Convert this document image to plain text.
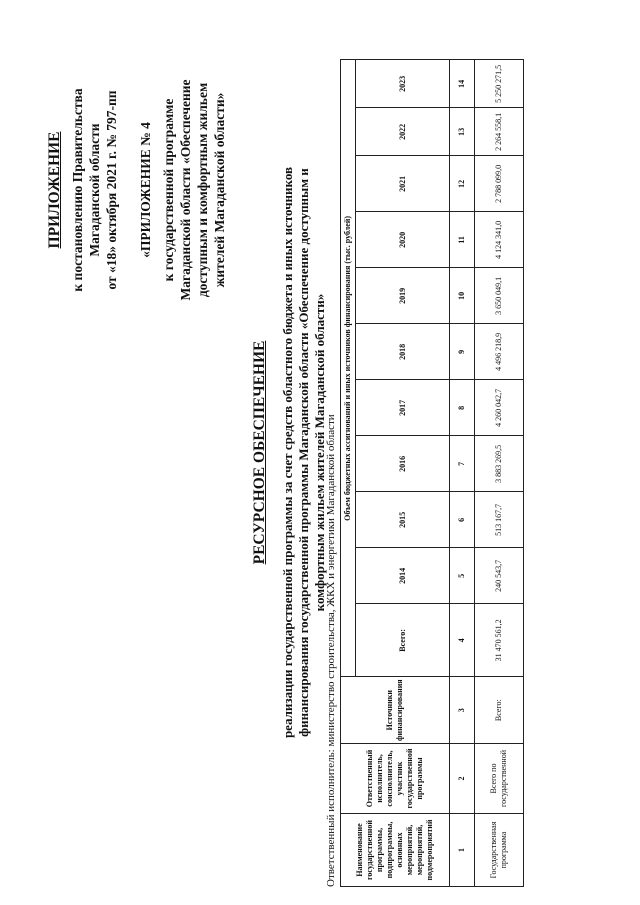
ПРИЛОЖЕНИЕ к постановлению Правительства Магаданской области от «18» октября 2021 г. № 797-пп «ПРИЛОЖЕНИЕ № 4 к государственной программе Магаданской области «Обеспечение доступным и комфортным жильем жителей Магаданской области»
РЕСУРСНОЕ ОБЕСПЕЧЕНИЕ реализации государственной программы за счет средств областного бюджета и иных источников финансирования государственной программы Магаданской области «Обеспечение доступным и комфортным жильем жителей Магаданской области»
Ответственный исполнитель: министерство строительства, ЖКХ и энергетики Магаданской области Наименование государственной программы, подпрограммы, основных мероприятий, мероприятий, подмероприятий	Ответственный исполнитель, соисполнитель, участник государственной программы	Источники финансирования	Объем бюджетных ассигнований и иных источников финансирования (тыс. рублей)										
			Всего:	2014	2015	2016	2017	2018	2019	2020	2021	2022	2023
1	2	3	4	5	6	7	8	9	10	11	12	13	14
Государственная программа	Всего по государственной	Всего:	31 470 561,2	240 543,7	513 167,7	3 883 269,5	4 260 042,7	4 496 218,9	3 650 049,1	4 124 341,0	2 788 099,0	2 264 558,1	5 250 271,5
